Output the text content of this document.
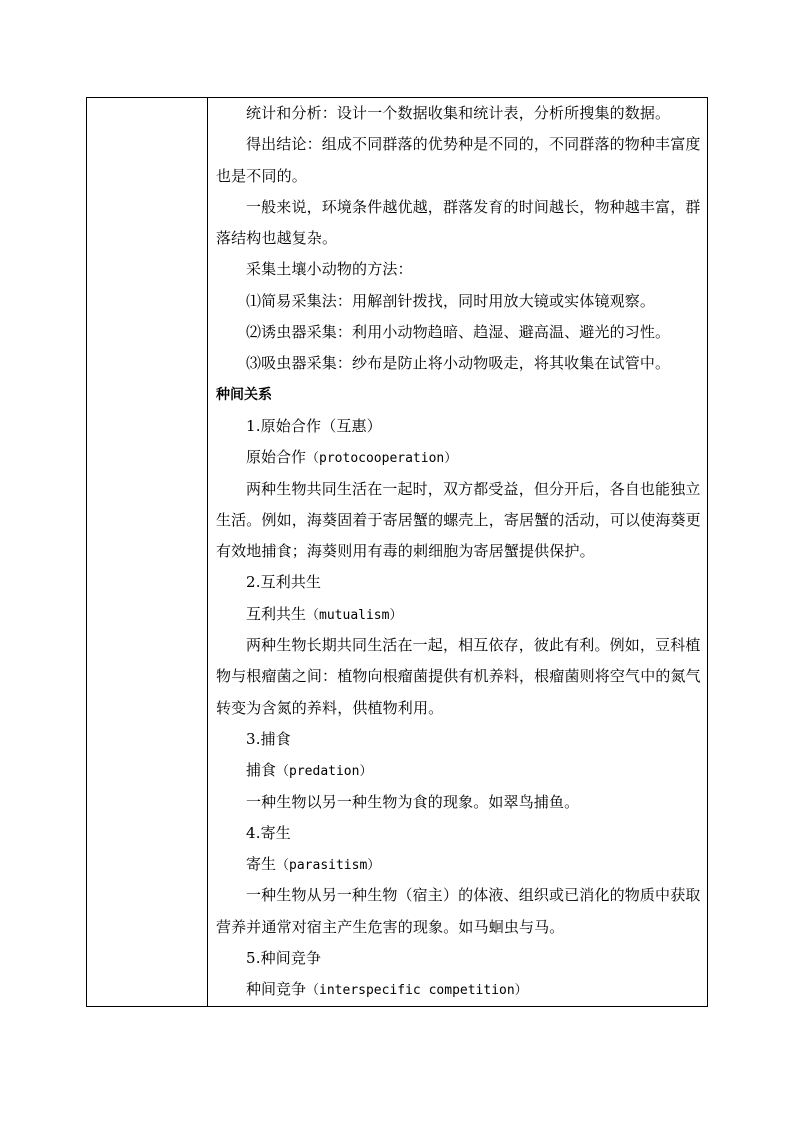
统计和分析：设计一个数据收集和统计表，分析所搜集的数据。
得出结论：组成不同群落的优势种是不同的，不同群落的物种丰富度也是不同的。
一般来说，环境条件越优越，群落发育的时间越长，物种越丰富，群落结构也越复杂。
采集土壤小动物的方法：
⑴简易采集法：用解剖针拨找，同时用放大镜或实体镜观察。
⑵诱虫器采集：利用小动物趋暗、趋湿、避高温、避光的习性。
⑶吸虫器采集：纱布是防止将小动物吸走，将其收集在试管中。
种间关系
1.原始合作（互惠）
原始合作（protocooperation）
两种生物共同生活在一起时，双方都受益，但分开后，各自也能独立生活。例如，海葵固着于寄居蟹的螺壳上，寄居蟹的活动，可以使海葵更有效地捕食；海葵则用有毒的刺细胞为寄居蟹提供保护。
2.互利共生
互利共生（mutualism）
两种生物长期共同生活在一起，相互依存，彼此有利。例如，豆科植物与根瘤菌之间：植物向根瘤菌提供有机养料，根瘤菌则将空气中的氮气转变为含氮的养料，供植物利用。
3.捕食
捕食（predation）
一种生物以另一种生物为食的现象。如翠鸟捕鱼。
4.寄生
寄生（parasitism）
一种生物从另一种生物（宿主）的体液、组织或已消化的物质中获取营养并通常对宿主产生危害的现象。如马蛔虫与马。
5.种间竞争
种间竞争（interspecific competition）
